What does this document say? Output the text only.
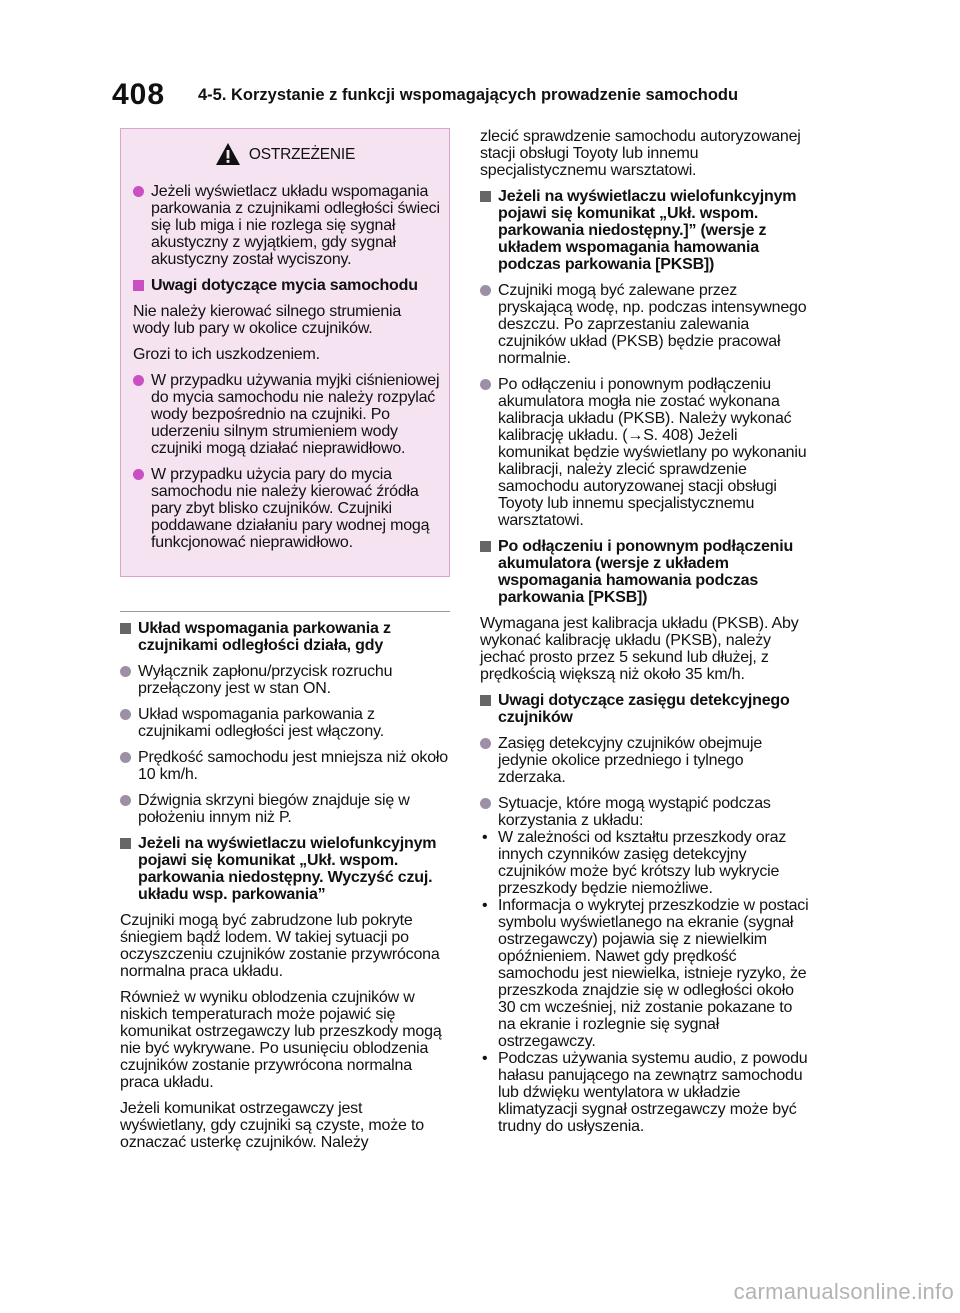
408 4-5. Korzystanie z funkcji wspomagających prowadzenie samochodu
OSTRZEŻENIE
Jeżeli wyświetlacz układu wspomagania parkowania z czujnikami odległości świeci się lub miga i nie rozlega się sygnał akustyczny z wyjątkiem, gdy sygnał akustyczny został wyciszony.
Uwagi dotyczące mycia samochodu
Nie należy kierować silnego strumienia wody lub pary w okolice czujników.
Grozi to ich uszkodzeniem.
W przypadku używania myjki ciśnieniowej do mycia samochodu nie należy rozpylać wody bezpośrednio na czujniki. Po uderzeniu silnym strumieniem wody czujniki mogą działać nieprawidłowo.
W przypadku użycia pary do mycia samochodu nie należy kierować źródła pary zbyt blisko czujników. Czujniki poddawane działaniu pary wodnej mogą funkcjonować nieprawidłowo.
Układ wspomagania parkowania z czujnikami odległości działa, gdy
Wyłącznik zapłonu/przycisk rozruchu przełączony jest w stan ON.
Układ wspomagania parkowania z czujnikami odległości jest włączony.
Prędkość samochodu jest mniejsza niż około 10 km/h.
Dźwignia skrzyni biegów znajduje się w położeniu innym niż P.
Jeżeli na wyświetlaczu wielofunkcyjnym pojawi się komunikat „Ukł. wspom. parkowania niedostępny. Wyczyść czuj. układu wsp. parkowania”
Czujniki mogą być zabrudzone lub pokryte śniegiem bądź lodem. W takiej sytuacji po oczyszczeniu czujników zostanie przywrócona normalna praca układu.
Również w wyniku oblodzenia czujników w niskich temperaturach może pojawić się komunikat ostrzegawczy lub przeszkody mogą nie być wykrywane. Po usunięciu oblodzenia czujników zostanie przywrócona normalna praca układu.
Jeżeli komunikat ostrzegawczy jest wyświetlany, gdy czujniki są czyste, może to oznaczać usterkę czujników. Należy
zlecić sprawdzenie samochodu autoryzowanej stacji obsługi Toyoty lub innemu specjalistycznemu warsztatowi.
Jeżeli na wyświetlaczu wielofunkcyjnym pojawi się komunikat „Ukł. wspom. parkowania niedostępny.]” (wersje z układem wspomagania hamowania podczas parkowania [PKSB])
Czujniki mogą być zalewane przez pryskającą wodę, np. podczas intensywnego deszczu. Po zaprzestaniu zalewania czujników układ (PKSB) będzie pracował normalnie.
Po odłączeniu i ponownym podłączeniu akumulatora mogła nie zostać wykonana kalibracja układu (PKSB). Należy wykonać kalibrację układu. (→S. 408) Jeżeli komunikat będzie wyświetlany po wykonaniu kalibracji, należy zlecić sprawdzenie samochodu autoryzowanej stacji obsługi Toyoty lub innemu specjalistycznemu warsztatowi.
Po odłączeniu i ponownym podłączeniu akumulatora (wersje z układem wspomagania hamowania podczas parkowania [PKSB])
Wymagana jest kalibracja układu (PKSB). Aby wykonać kalibrację układu (PKSB), należy jechać prosto przez 5 sekund lub dłużej, z prędkością większą niż około 35 km/h.
Uwagi dotyczące zasięgu detekcyjnego czujników
Zasięg detekcyjny czujników obejmuje jedynie okolice przedniego i tylnego zderzaka.
Sytuacje, które mogą wystąpić podczas korzystania z układu:
• W zależności od kształtu przeszkody oraz innych czynników zasięg detekcyjny czujników może być krótszy lub wykrycie przeszkody będzie niemożliwe.
• Informacja o wykrytej przeszkodzie w postaci symbolu wyświetlanego na ekranie (sygnał ostrzegawczy) pojawia się z niewielkim opóźnieniem. Nawet gdy prędkość samochodu jest niewielka, istnieje ryzyko, że przeszkoda znajdzie się w odległości około 30 cm wcześniej, niż zostanie pokazane to na ekranie i rozlegnie się sygnał ostrzegawczy.
• Podczas używania systemu audio, z powodu hałasu panującego na zewnątrz samochodu lub dźwięku wentylatora w układzie klimatyzacji sygnał ostrzegawczy może być trudny do usłyszenia.
carmanualsonline.info
